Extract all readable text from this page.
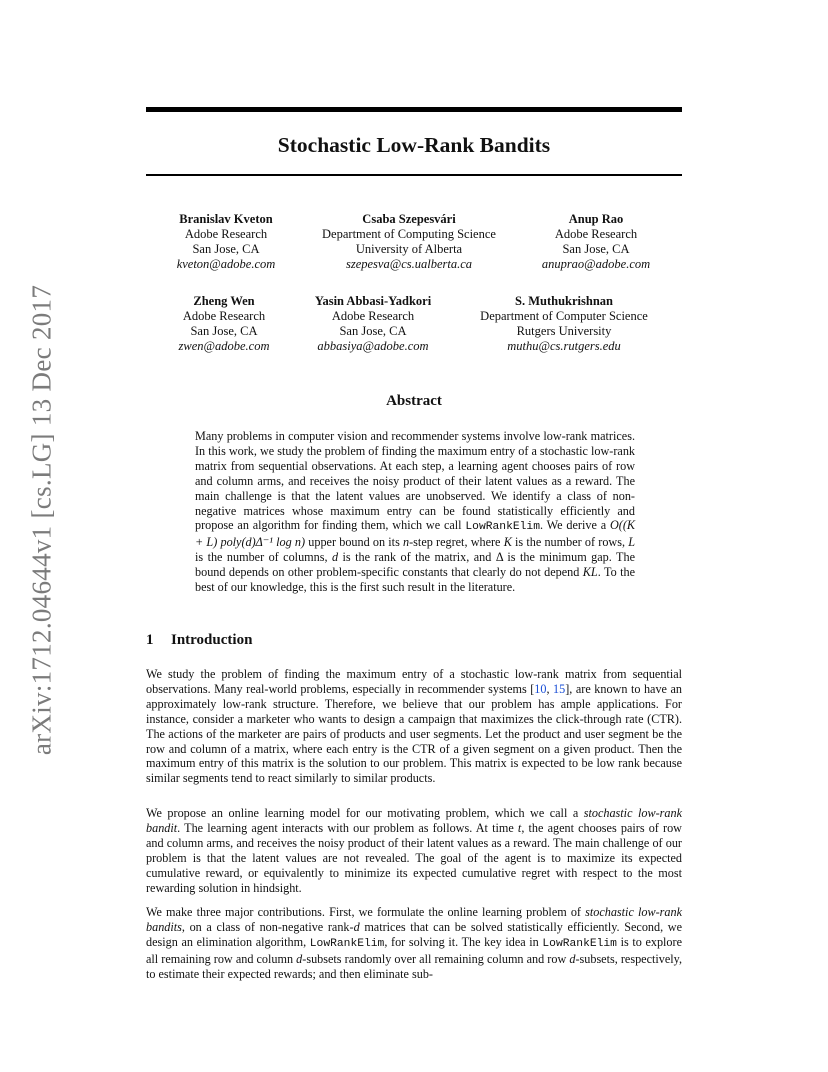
Stochastic Low-Rank Bandits
arXiv:1712.04644v1 [cs.LG] 13 Dec 2017
Branislav Kveton
Adobe Research
San Jose, CA
kveton@adobe.com
Csaba Szepesvári
Department of Computing Science
University of Alberta
szepesva@cs.ualberta.ca
Anup Rao
Adobe Research
San Jose, CA
anuprao@adobe.com
Zheng Wen
Adobe Research
San Jose, CA
zwen@adobe.com
Yasin Abbasi-Yadkori
Adobe Research
San Jose, CA
abbasiya@adobe.com
S. Muthukrishnan
Department of Computer Science
Rutgers University
muthu@cs.rutgers.edu
Abstract

Many problems in computer vision and recommender systems involve low-rank matrices. In this work, we study the problem of finding the maximum entry of a stochastic low-rank matrix from sequential observations. At each step, a learning agent chooses pairs of row and column arms, and receives the noisy product of their latent values as a reward. The main challenge is that the latent values are unobserved. We identify a class of non-negative matrices whose maximum entry can be found statistically efficiently and propose an algorithm for finding them, which we call LowRankElim. We derive a O((K + L) poly(d)Δ⁻¹ log n) upper bound on its n-step regret, where K is the number of rows, L is the number of columns, d is the rank of the matrix, and Δ is the minimum gap. The bound depends on other problem-specific constants that clearly do not depend KL. To the best of our knowledge, this is the first such result in the literature.

1 Introduction

We study the problem of finding the maximum entry of a stochastic low-rank matrix from sequential observations. Many real-world problems, especially in recommender systems [10, 15], are known to have an approximately low-rank structure. Therefore, we believe that our problem has ample applications. For instance, consider a marketer who wants to design a campaign that maximizes the click-through rate (CTR). The actions of the marketer are pairs of products and user segments. Let the product and user segment be the row and column of a matrix, where each entry is the CTR of a given segment on a given product. Then the maximum entry of this matrix is the solution to our problem. This matrix is expected to be low rank because similar segments tend to react similarly to similar products.

We propose an online learning model for our motivating problem, which we call a stochastic low-rank bandit. The learning agent interacts with our problem as follows. At time t, the agent chooses pairs of row and column arms, and receives the noisy product of their latent values as a reward. The main challenge of our problem is that the latent values are not revealed. The goal of the agent is to maximize its expected cumulative reward, or equivalently to minimize its expected cumulative regret with respect to the most rewarding solution in hindsight.

We make three major contributions. First, we formulate the online learning problem of stochastic low-rank bandits, on a class of non-negative rank-d matrices that can be solved statistically efficiently. Second, we design an elimination algorithm, LowRankElim, for solving it. The key idea in LowRankElim is to explore all remaining row and column d-subsets randomly over all remaining column and row d-subsets, respectively, to estimate their expected rewards; and then eliminate sub-
